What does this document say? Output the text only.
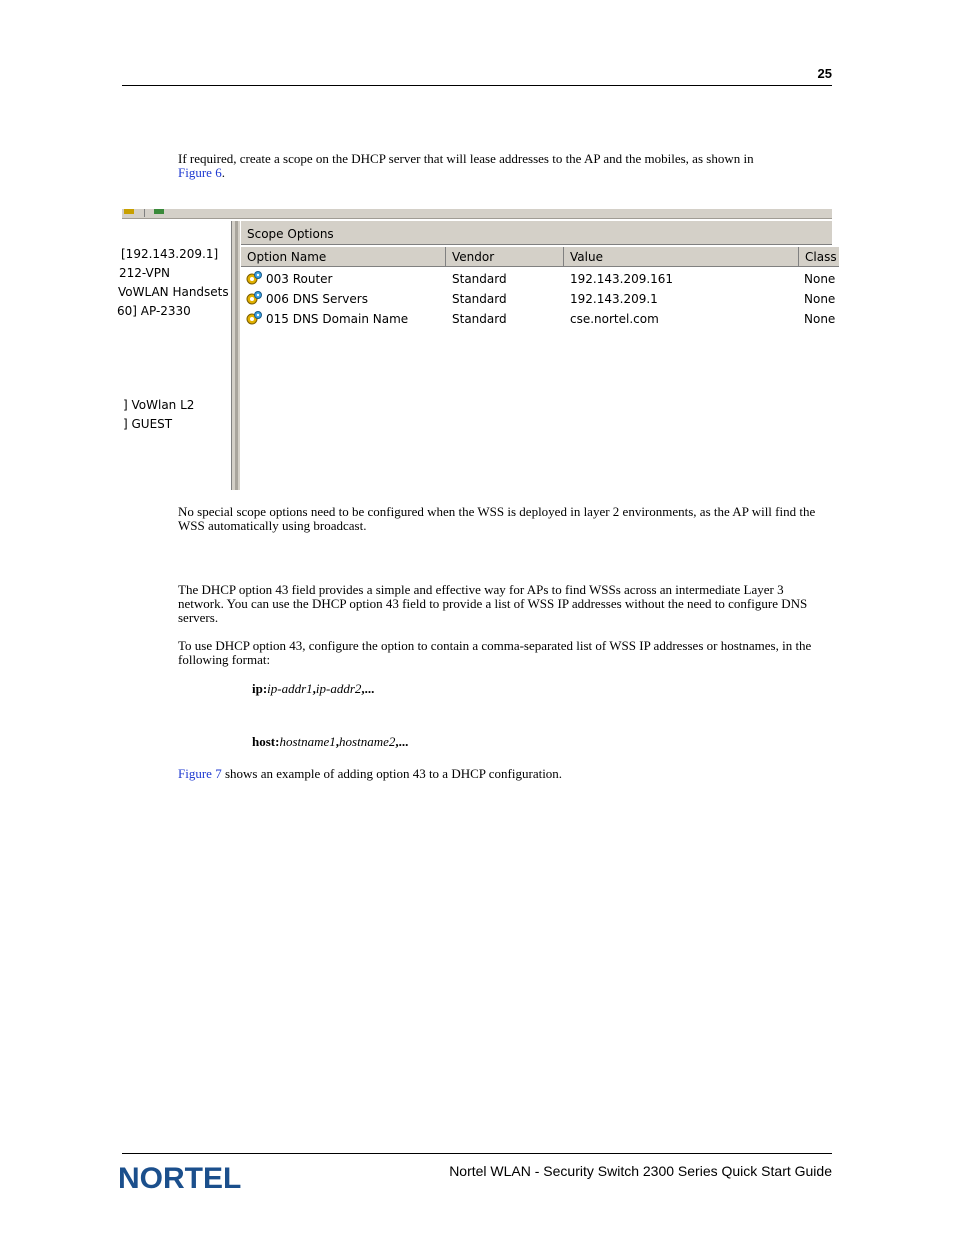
25
If required, create a scope on the DHCP server that will lease addresses to the AP and the mobiles, as shown in
Figure 6.
[192.143.209.1]
212-VPN
VoWLAN Handsets
60] AP-2330
] VoWlan L2
] GUEST
Scope Options
Option Name	Vendor	Value	Class
003 Router	Standard	192.143.209.161	None
006 DNS Servers	Standard	192.143.209.1	None
015 DNS Domain Name	Standard	cse.nortel.com	None
No special scope options need to be configured when the WSS is deployed in layer 2 environments, as the AP will find the WSS automatically using broadcast.
The DHCP option 43 field provides a simple and effective way for APs to find WSSs across an intermediate Layer 3 network. You can use the DHCP option 43 field to provide a list of WSS IP addresses without the need to configure DNS servers.
To use DHCP option 43, configure the option to contain a comma-separated list of WSS IP addresses or hostnames, in the following format:
ip:ip-addr1,ip-addr2,...
host:hostname1,hostname2,...
Figure 7 shows an example of adding option 43 to a DHCP configuration.
NORTEL	Nortel WLAN - Security Switch 2300 Series Quick Start Guide
